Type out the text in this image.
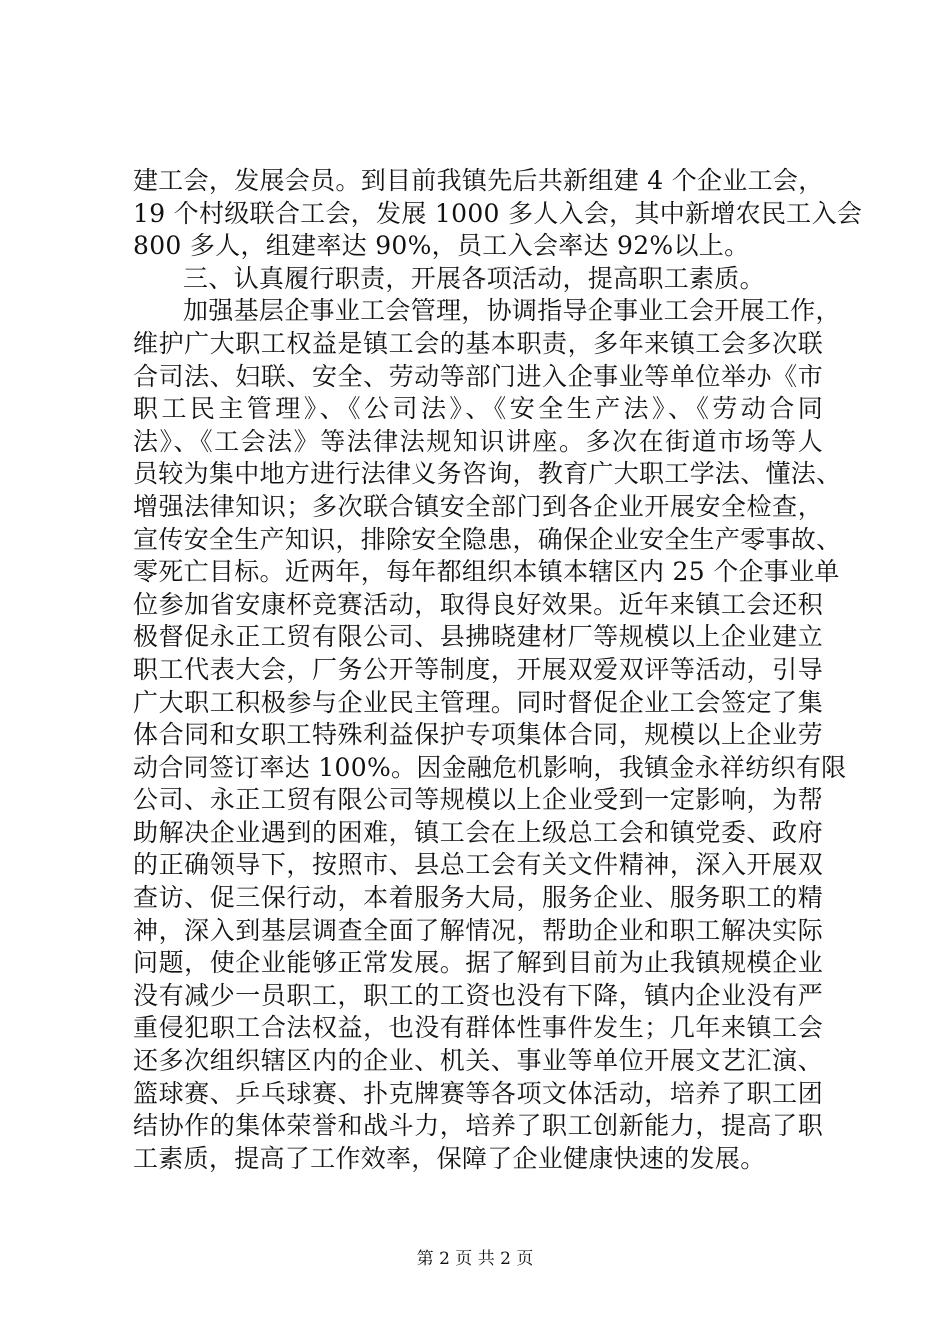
建工会，发展会员。到目前我镇先后共新组建 4 个企业工会，
19 个村级联合工会，发展 1000 多人入会，其中新增农民工入会
800 多人，组建率达 90%，员工入会率达 92%以上。
三、认真履行职责，开展各项活动，提高职工素质。
加强基层企事业工会管理，协调指导企事业工会开展工作，
维护广大职工权益是镇工会的基本职责，多年来镇工会多次联
合司法、妇联、安全、劳动等部门进入企事业等单位举办《市
职工民主管理》、《公司法》、《安全生产法》、《劳动合同
法》、《工会法》等法律法规知识讲座。多次在街道市场等人
员较为集中地方进行法律义务咨询，教育广大职工学法、懂法、
增强法律知识；多次联合镇安全部门到各企业开展安全检查，
宣传安全生产知识，排除安全隐患，确保企业安全生产零事故、
零死亡目标。近两年，每年都组织本镇本辖区内 25 个企事业单
位参加省安康杯竞赛活动，取得良好效果。近年来镇工会还积
极督促永正工贸有限公司、县拂晓建材厂等规模以上企业建立
职工代表大会，厂务公开等制度，开展双爱双评等活动，引导
广大职工积极参与企业民主管理。同时督促企业工会签定了集
体合同和女职工特殊利益保护专项集体合同，规模以上企业劳
动合同签订率达 100%。因金融危机影响，我镇金永祥纺织有限
公司、永正工贸有限公司等规模以上企业受到一定影响，为帮
助解决企业遇到的困难，镇工会在上级总工会和镇党委、政府
的正确领导下，按照市、县总工会有关文件精神，深入开展双
查访、促三保行动，本着服务大局，服务企业、服务职工的精
神，深入到基层调查全面了解情况，帮助企业和职工解决实际
问题，使企业能够正常发展。据了解到目前为止我镇规模企业
没有减少一员职工，职工的工资也没有下降，镇内企业没有严
重侵犯职工合法权益，也没有群体性事件发生；几年来镇工会
还多次组织辖区内的企业、机关、事业等单位开展文艺汇演、
篮球赛、乒乓球赛、扑克牌赛等各项文体活动，培养了职工团
结协作的集体荣誉和战斗力，培养了职工创新能力，提高了职
工素质，提高了工作效率，保障了企业健康快速的发展。
第 2 页 共 2 页
